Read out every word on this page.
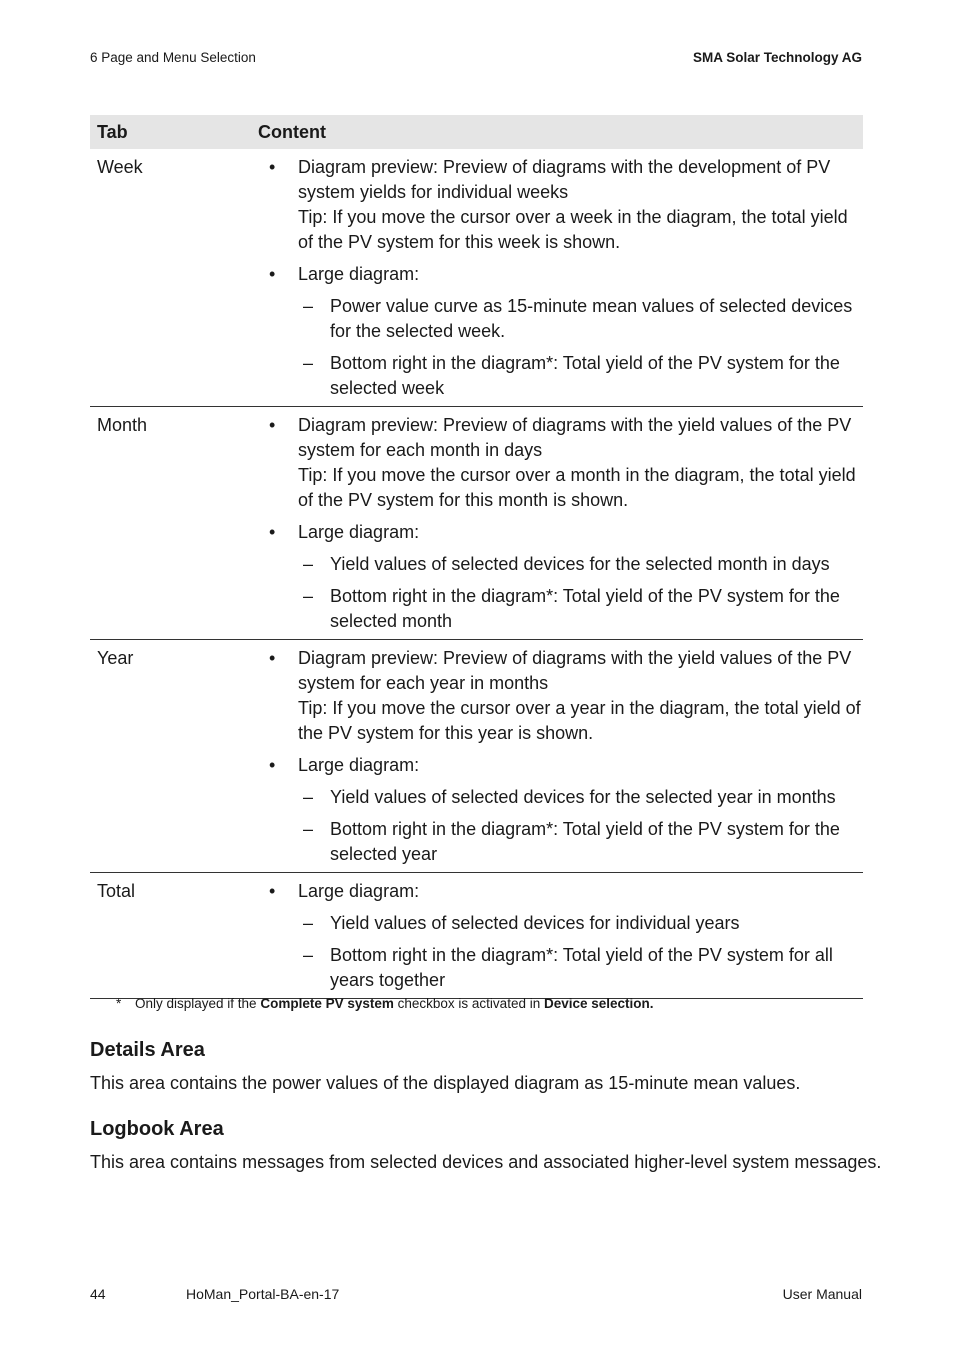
6 Page and Menu Selection	SMA Solar Technology AG
Tab	Content
Week	• Diagram preview: Preview of diagrams with the development of PV system yields for individual weeks
Tip: If you move the cursor over a week in the diagram, the total yield of the PV system for this week is shown.
• Large diagram:
– Power value curve as 15-minute mean values of selected devices for the selected week.
– Bottom right in the diagram*: Total yield of the PV system for the selected week
Month	• Diagram preview: Preview of diagrams with the yield values of the PV system for each month in days
Tip: If you move the cursor over a month in the diagram, the total yield of the PV system for this month is shown.
• Large diagram:
– Yield values of selected devices for the selected month in days
– Bottom right in the diagram*: Total yield of the PV system for the selected month
Year	• Diagram preview: Preview of diagrams with the yield values of the PV system for each year in months
Tip: If you move the cursor over a year in the diagram, the total yield of the PV system for this year is shown.
• Large diagram:
– Yield values of selected devices for the selected year in months
– Bottom right in the diagram*: Total yield of the PV system for the selected year
Total	• Large diagram:
– Yield values of selected devices for individual years
– Bottom right in the diagram*: Total yield of the PV system for all years together
* Only displayed if the Complete PV system checkbox is activated in Device selection.
Details Area
This area contains the power values of the displayed diagram as 15-minute mean values.
Logbook Area
This area contains messages from selected devices and associated higher-level system messages.
44	HoMan_Portal-BA-en-17	User Manual
